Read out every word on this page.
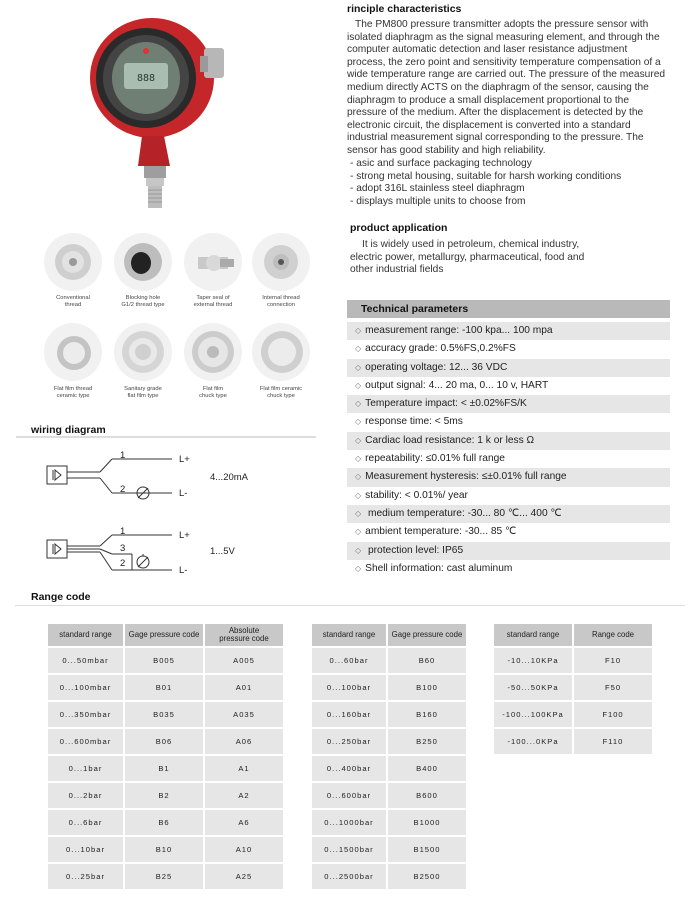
888
rinciple characteristics
The PM800 pressure transmitter adopts the pressure sensor with
isolated diaphragm as the signal measuring element, and through the
computer automatic detection and laser resistance adjustment
process, the zero point and sensitivity temperature compensation of a
wide temperature range are carried out. The pressure of the measured
medium directly ACTS on the diaphragm of the sensor, causing the
diaphragm to produce a small displacement proportional to the
pressure of the medium. After the displacement is detected by the
electronic circuit, the displacement is converted into a standard
industrial measurement signal corresponding to the pressure. The
sensor has good stability and high reliability.
- asic and surface packaging technology
- strong metal housing, suitable for harsh working conditions
- adopt 316L stainless steel diaphragm
- displays multiple units to choose from
product application
It is widely used in petroleum, chemical industry,
electric power, metallurgy, pharmaceutical, food and
other industrial fields
Conventional
thread
Blocking hole
G1/2 thread type
Taper seal of
external thread
Internal thread
connection
Flat film thread
ceramic type
Sanitary grade
flat film type
Flat film
chuck type
Flat film ceramic
chuck type
wiring diagram
1
2
L+
L-
4...20mA
1
3
2
L+
L-
1...5V
Technical parameters
◇ measurement range: -100 kpa... 100 mpa
◇ accuracy grade: 0.5%FS,0.2%FS
◇ operating voltage: 12... 36 VDC
◇ output signal: 4... 20 ma, 0... 10 v, HART
◇ Temperature impact: < ±0.02%FS/K
◇ response time: < 5ms
◇ Cardiac load resistance: 1 k or less Ω
◇ repeatability: ≤0.01% full range
◇ Measurement hysteresis: ≤±0.01% full range
◇ stability: < 0.01%/ year
◇ medium temperature: -30... 80 ℃... 400 ℃
◇ ambient temperature: -30... 85 ℃
◇ protection level: IP65
◇ Shell information: cast aluminum
Range code
standard range	Gage pressure code	Absolute
pressure code
0...50mbar	B005	A005
0...100mbar	B01	A01
0...350mbar	B035	A035
0...600mbar	B06	A06
0...1bar	B1	A1
0...2bar	B2	A2
0...6bar	B6	A6
0...10bar	B10	A10
0...25bar	B25	A25
standard range	Gage pressure code
0...60bar	B60
0...100bar	B100
0...160bar	B160
0...250bar	B250
0...400bar	B400
0...600bar	B600
0...1000bar	B1000
0...1500bar	B1500
0...2500bar	B2500
standard range	Range code
-10...10KPa	F10
-50...50KPa	F50
-100...100KPa	F100
-100...0KPa	F110
